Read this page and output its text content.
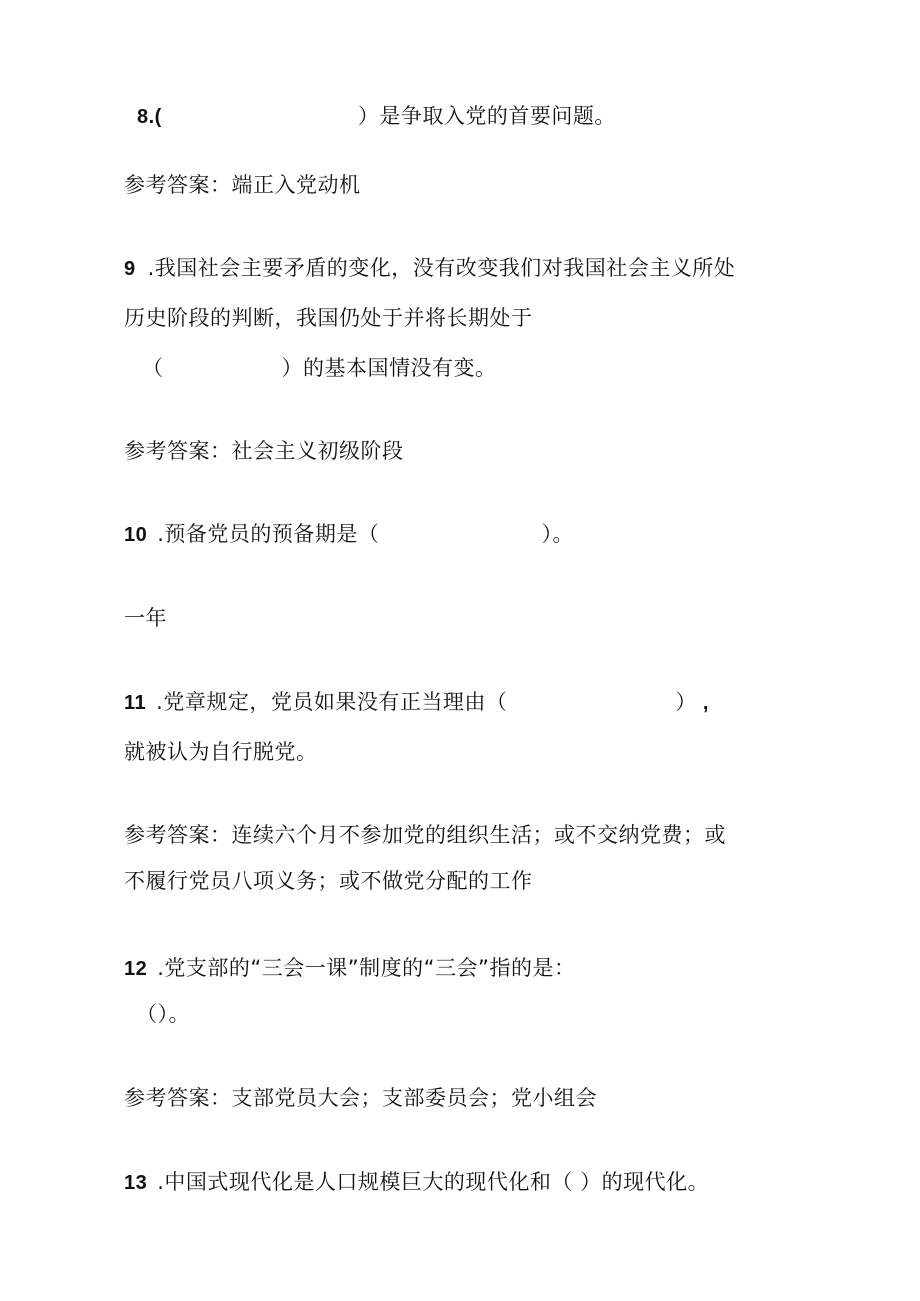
8.(	）是争取入党的首要问题。
参考答案：端正入党动机
9 .我国社会主要矛盾的变化，没有改变我们对我国社会主义所处
历史阶段的判断，我国仍处于并将长期处于
（	）的基本国情没有变。
参考答案：社会主义初级阶段
10 .预备党员的预备期是（	）。
一年
11 .党章规定，党员如果没有正当理由（	） ,
就被认为自行脱党。
参考答案：连续六个月不参加党的组织生活；或不交纳党费；或
不履行党员八项义务；或不做党分配的工作
12 .党支部的“三会一课”制度的“三会”指的是：
（）。
参考答案：支部党员大会；支部委员会；党小组会
13 .中国式现代化是人口规模巨大的现代化和（ ）的现代化。
